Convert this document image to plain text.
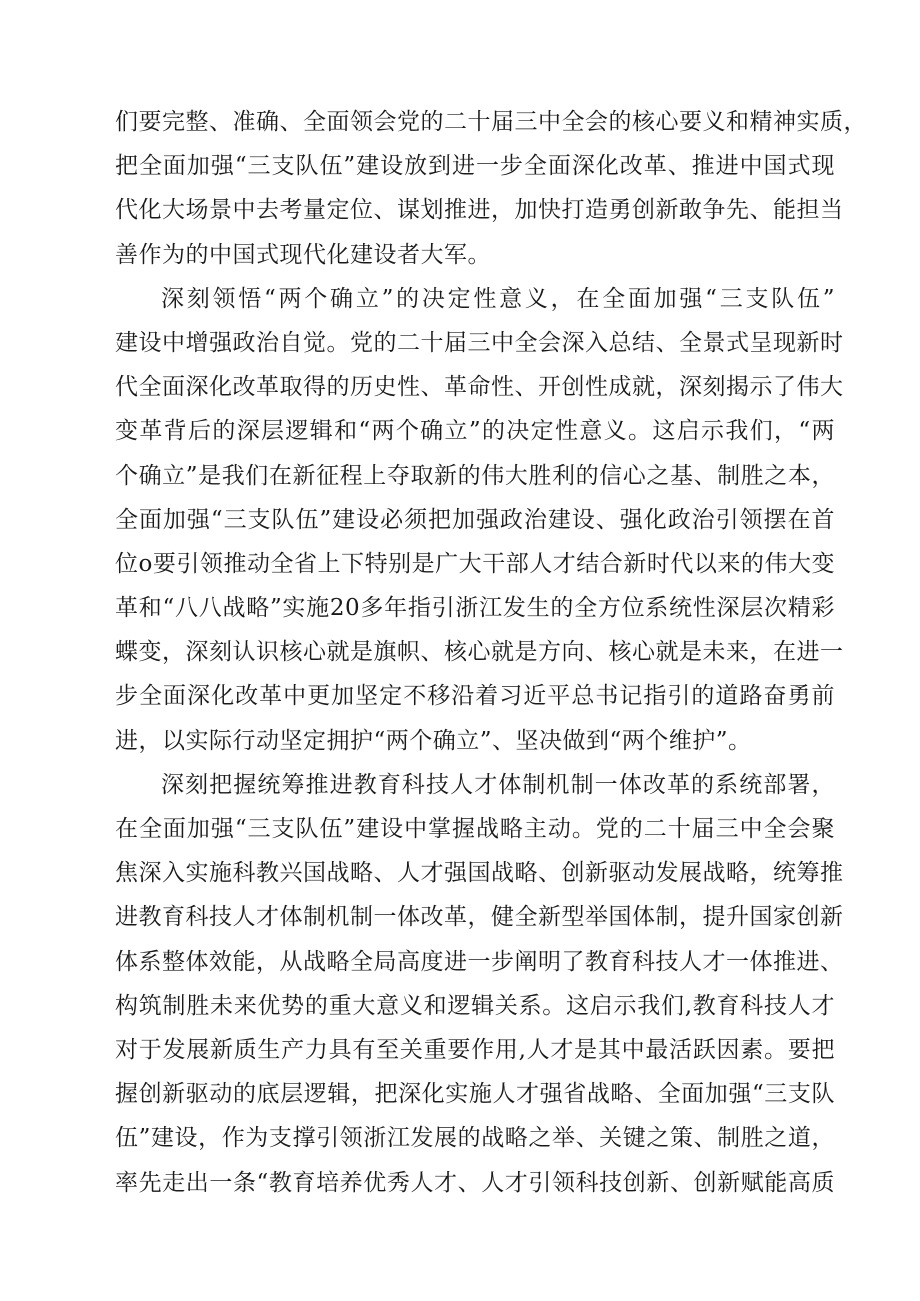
们要完整、准确、全面领会党的二十届三中全会的核心要义和精神实质，
把全面加强“三支队伍”建设放到进一步全面深化改革、推进中国式现
代化大场景中去考量定位、谋划推进，加快打造勇创新敢争先、能担当
善作为的中国式现代化建设者大军。
深刻领悟“两个确立”的决定性意义，在全面加强“三支队伍”
建设中增强政治自觉。党的二十届三中全会深入总结、全景式呈现新时
代全面深化改革取得的历史性、革命性、开创性成就，深刻揭示了伟大
变革背后的深层逻辑和“两个确立”的决定性意义。这启示我们，“两
个确立”是我们在新征程上夺取新的伟大胜利的信心之基、制胜之本，
全面加强“三支队伍”建设必须把加强政治建设、强化政治引领摆在首
位o要引领推动全省上下特别是广大干部人才结合新时代以来的伟大变
革和“八八战略”实施20多年指引浙江发生的全方位系统性深层次精彩
蝶变，深刻认识核心就是旗帜、核心就是方向、核心就是未来，在进一
步全面深化改革中更加坚定不移沿着习近平总书记指引的道路奋勇前
进，以实际行动坚定拥护“两个确立”、坚决做到“两个维护”。
深刻把握统筹推进教育科技人才体制机制一体改革的系统部署，
在全面加强“三支队伍”建设中掌握战略主动。党的二十届三中全会聚
焦深入实施科教兴国战略、人才强国战略、创新驱动发展战略，统筹推
进教育科技人才体制机制一体改革，健全新型举国体制，提升国家创新
体系整体效能，从战略全局高度进一步阐明了教育科技人才一体推进、
构筑制胜未来优势的重大意义和逻辑关系。这启示我们,教育科技人才
对于发展新质生产力具有至关重要作用,人才是其中最活跃因素。要把
握创新驱动的底层逻辑，把深化实施人才强省战略、全面加强“三支队
伍”建设，作为支撑引领浙江发展的战略之举、关键之策、制胜之道，
率先走出一条“教育培养优秀人才、人才引领科技创新、创新赋能高质
